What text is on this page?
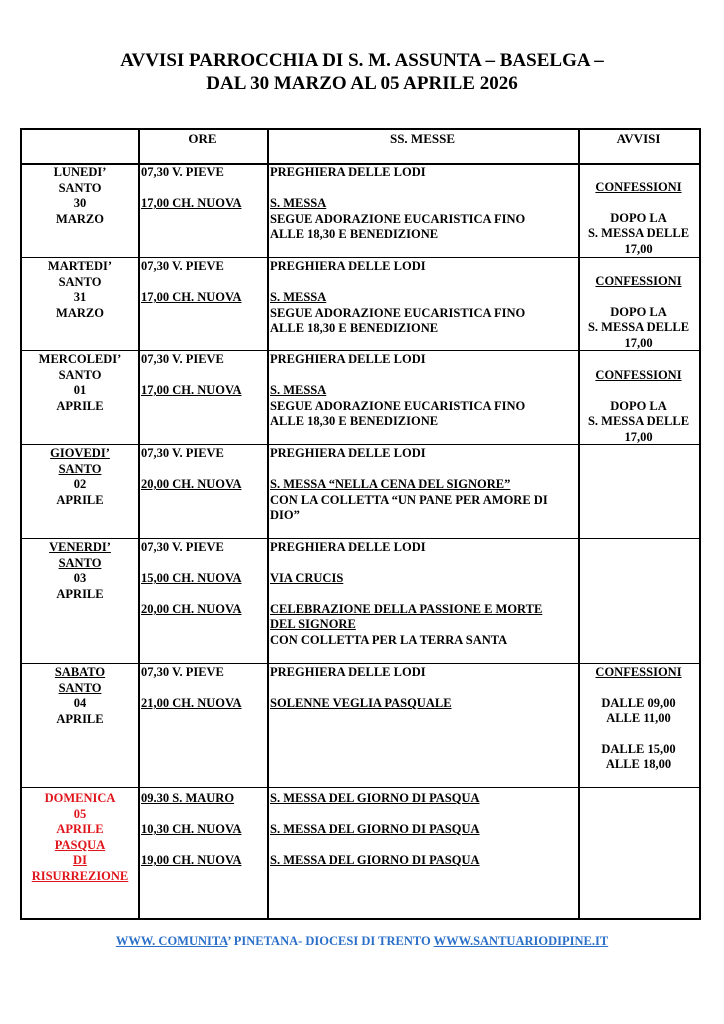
AVVISI PARROCCHIA DI S. M. ASSUNTA – BASELGA –
DAL 30 MARZO AL 05 APRILE 2026
ORE	SS. MESSE	AVVISI
LUNEDI’
SANTO
30
MARZO
07,30 V. PIEVE
17,00 CH. NUOVA
PREGHIERA DELLE LODI
S. MESSA
SEGUE ADORAZIONE EUCARISTICA FINO
ALLE 18,30 E BENEDIZIONE
CONFESSIONI
DOPO LA
S. MESSA DELLE
17,00
MARTEDI’
SANTO
31
MARZO
07,30 V. PIEVE
17,00 CH. NUOVA
PREGHIERA DELLE LODI
S. MESSA
SEGUE ADORAZIONE EUCARISTICA FINO
ALLE 18,30 E BENEDIZIONE
CONFESSIONI
DOPO LA
S. MESSA DELLE
17,00
MERCOLEDI’
SANTO
01
APRILE
07,30 V. PIEVE
17,00 CH. NUOVA
PREGHIERA DELLE LODI
S. MESSA
SEGUE ADORAZIONE EUCARISTICA FINO
ALLE 18,30 E BENEDIZIONE
CONFESSIONI
DOPO LA
S. MESSA DELLE
17,00
GIOVEDI’
SANTO
02
APRILE
07,30 V. PIEVE
20,00 CH. NUOVA
PREGHIERA DELLE LODI
S. MESSA “NELLA CENA DEL SIGNORE”
CON LA COLLETTA “UN PANE PER AMORE DI
DIO”
VENERDI’
SANTO
03
APRILE
07,30 V. PIEVE
15,00 CH. NUOVA
20,00 CH. NUOVA
PREGHIERA DELLE LODI
VIA CRUCIS
CELEBRAZIONE DELLA PASSIONE E MORTE
DEL SIGNORE
CON COLLETTA PER LA TERRA SANTA
SABATO
SANTO
04
APRILE
07,30 V. PIEVE
21,00 CH. NUOVA
PREGHIERA DELLE LODI
SOLENNE VEGLIA PASQUALE
CONFESSIONI
DALLE 09,00
ALLE 11,00
DALLE 15,00
ALLE 18,00
DOMENICA
05
APRILE
PASQUA
DI
RISURREZIONE
09.30 S. MAURO
10,30 CH. NUOVA
19,00 CH. NUOVA
S. MESSA DEL GIORNO DI PASQUA
S. MESSA DEL GIORNO DI PASQUA
S. MESSA DEL GIORNO DI PASQUA
WWW. COMUNITA’ PINETANA- DIOCESI DI TRENTO WWW.SANTUARIODIPINE.IT
